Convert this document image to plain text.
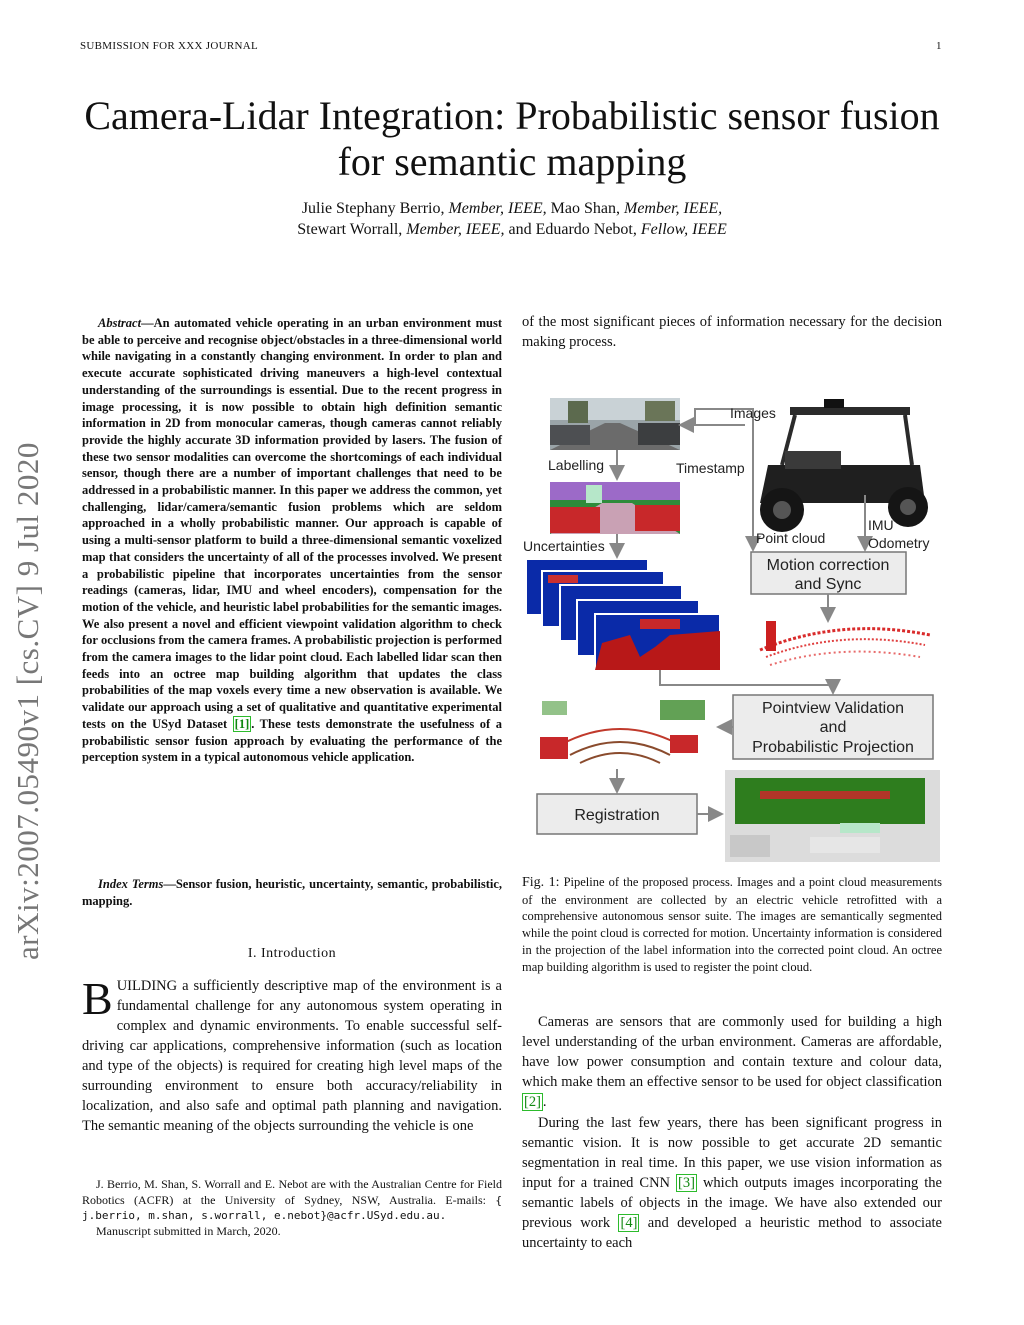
SUBMISSION FOR XXX JOURNAL	1
Camera-Lidar Integration: Probabilistic sensor fusion for semantic mapping
Julie Stephany Berrio, Member, IEEE, Mao Shan, Member, IEEE,
Stewart Worrall, Member, IEEE, and Eduardo Nebot, Fellow, IEEE
arXiv:2007.05490v1 [cs.CV] 9 Jul 2020
Abstract—An automated vehicle operating in an urban environment must be able to perceive and recognise object/obstacles in a three-dimensional world while navigating in a constantly changing environment. In order to plan and execute accurate sophisticated driving maneuvers a high-level contextual understanding of the surroundings is essential. Due to the recent progress in image processing, it is now possible to obtain high definition semantic information in 2D from monocular cameras, though cameras cannot reliably provide the highly accurate 3D information provided by lasers. The fusion of these two sensor modalities can overcome the shortcomings of each individual sensor, though there are a number of important challenges that need to be addressed in a probabilistic manner. In this paper we address the common, yet challenging, lidar/camera/semantic fusion problems which are seldom approached in a wholly probabilistic manner. Our approach is capable of using a multi-sensor platform to build a three-dimensional semantic voxelized map that considers the uncertainty of all of the processes involved. We present a probabilistic pipeline that incorporates uncertainties from the sensor readings (cameras, lidar, IMU and wheel encoders), compensation for the motion of the vehicle, and heuristic label probabilities for the semantic images. We also present a novel and efficient viewpoint validation algorithm to check for occlusions from the camera frames. A probabilistic projection is performed from the camera images to the lidar point cloud. Each labelled lidar scan then feeds into an octree map building algorithm that updates the class probabilities of the map voxels every time a new observation is available. We validate our approach using a set of qualitative and quantitative experimental tests on the USyd Dataset [1] . These tests demonstrate the usefulness of a probabilistic sensor fusion approach by evaluating the performance of the perception system in a typical autonomous vehicle application.
Index Terms—Sensor fusion, heuristic, uncertainty, semantic, probabilistic, mapping.
I. Introduction
BUILDING a sufficiently descriptive map of the environment is a fundamental challenge for any autonomous system operating in complex and dynamic environments. To enable successful self-driving car applications, comprehensive information (such as location and type of the objects) is required for creating high level maps of the surrounding environment to ensure both accuracy/reliability in localization, and also safe and optimal path planning and navigation. The semantic meaning of the objects surrounding the vehicle is one
J. Berrio, M. Shan, S. Worrall and E. Nebot are with the Australian Centre for Field Robotics (ACFR) at the University of Sydney, NSW, Australia. E-mails: { j.berrio, m.shan, s.worrall, e.nebot}@acfr.USyd.edu.au.
Manuscript submitted in March, 2020.
of the most significant pieces of information necessary for the decision making process.
Motion correction
and Sync
Pointview Validation
and
Probabilistic Projection
Registration
Images
Labelling	Timestamp
Uncertainties	Point cloud
IMU
Odometry
Fig. 1: Pipeline of the proposed process. Images and a point cloud measurements of the environment are collected by an electric vehicle retrofitted with a comprehensive autonomous sensor suite. The images are semantically segmented while the point cloud is corrected for motion. Uncertainty information is considered in the projection of the label information into the corrected point cloud. An octree map building algorithm is used to register the point cloud.
Cameras are sensors that are commonly used for building a high level understanding of the urban environment. Cameras are affordable, have low power consumption and contain texture and colour data, which make them an effective sensor to be used for object classification [2] .
During the last few years, there has been significant progress in semantic vision. It is now possible to get accurate 2D semantic segmentation in real time. In this paper, we use vision information as input for a trained CNN [3] which outputs images incorporating the semantic labels of objects in the image. We have also extended our previous work [4] and developed a heuristic method to associate uncertainty to each
